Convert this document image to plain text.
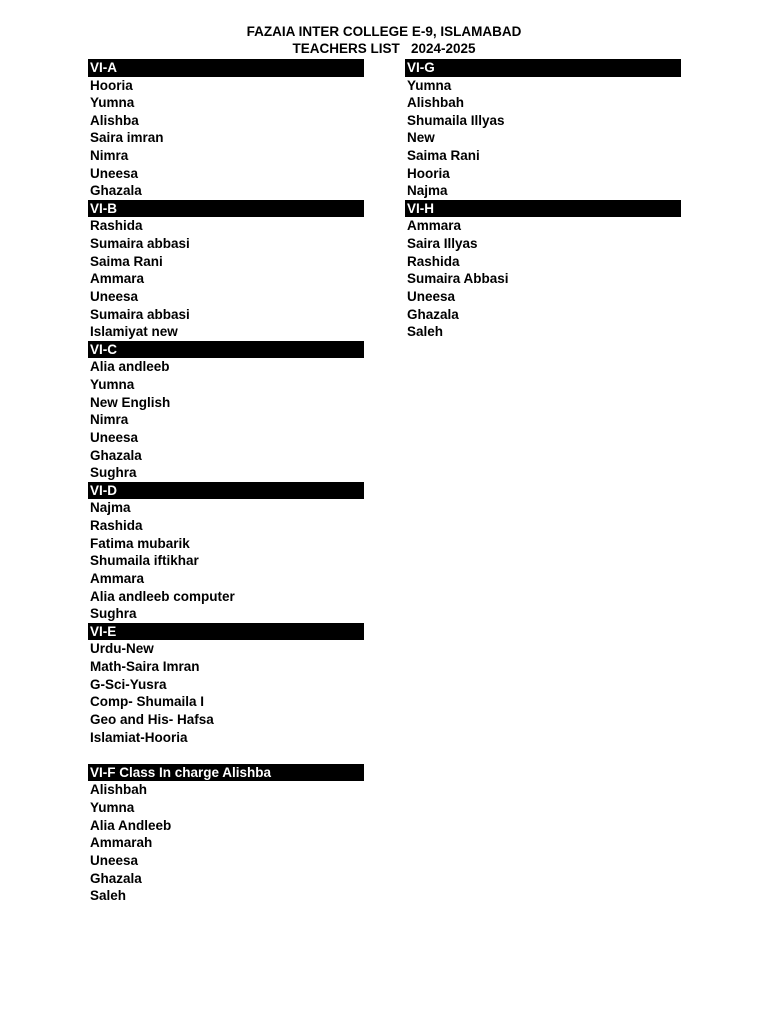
FAZAIA INTER COLLEGE E-9, ISLAMABAD
TEACHERS LIST 2024-2025
VI-A
Hooria
Yumna
Alishba
Saira imran
Nimra
Uneesa
Ghazala
VI-B
Rashida
Sumaira abbasi
Saima Rani
Ammara
Uneesa
Sumaira abbasi
Islamiyat new
VI-C
Alia andleeb
Yumna
New English
Nimra
Uneesa
Ghazala
Sughra
VI-D
Najma
Rashida
Fatima mubarik
Shumaila iftikhar
Ammara
Alia andleeb computer
Sughra
VI-E
Urdu-New
Math-Saira Imran
G-Sci-Yusra
Comp- Shumaila I
Geo and His- Hafsa
Islamiat-Hooria
VI-F Class In charge Alishba
Alishbah
Yumna
Alia Andleeb
Ammarah
Uneesa
Ghazala
Saleh
VI-G
Yumna
Alishbah
Shumaila Illyas
New
Saima Rani
Hooria
Najma
VI-H
Ammara
Saira Illyas
Rashida
Sumaira Abbasi
Uneesa
Ghazala
Saleh
